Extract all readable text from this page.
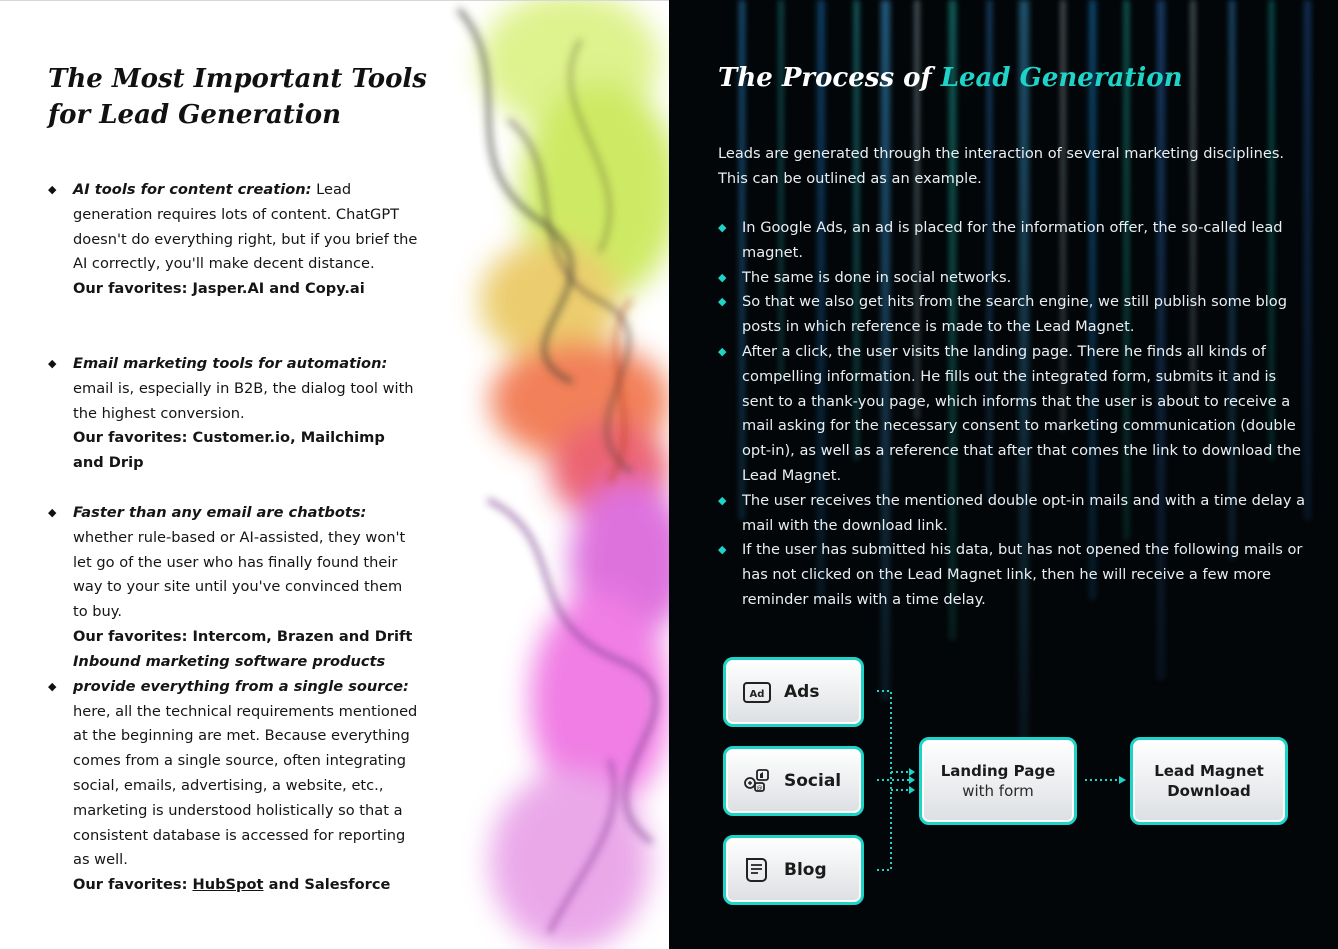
The Most Important Tools for Lead Generation
◆ AI tools for content creation: Lead generation requires lots of content. ChatGPT doesn't do everything right, but if you brief the AI correctly, you'll make decent distance.
Our favorites: Jasper.AI and Copy.ai
◆ Email marketing tools for automation: email is, especially in B2B, the dialog tool with the highest conversion.
Our favorites: Customer.io, Mailchimp and Drip
◆ Faster than any email are chatbots: whether rule-based or AI-assisted, they won't let go of the user who has finally found their way to your site until you've convinced them to buy.
Our favorites: Intercom, Brazen and Drift
◆
Inbound marketing software products provide everything from a single source: here, all the technical requirements mentioned at the beginning are met. Because everything comes from a single source, often integrating social, emails, advertising, a website, etc., marketing is understood holistically so that a consistent database is accessed for reporting as well.
Our favorites: HubSpot and Salesforce
The Process of Lead Generation

Leads are generated through the interaction of several marketing disciplines. This can be outlined as an example.

◆ In Google Ads, an ad is placed for the information offer, the so-called lead magnet.
◆ The same is done in social networks.
◆ So that we also get hits from the search engine, we still publish some blog posts in which reference is made to the Lead Magnet.
◆ After a click, the user visits the landing page. There he finds all kinds of compelling information. He fills out the integrated form, submits it and is sent to a thank-you page, which informs that the user is about to receive a mail asking for the necessary consent to marketing communication (double opt-in), as well as a reference that after that comes the link to download the Lead Magnet.
◆ The user receives the mentioned double opt-in mails and with a time delay a mail with the download link.
◆ If the user has submitted his data, but has not opened the following mails or has not clicked on the Lead Magnet link, then he will receive a few more reminder mails with a time delay.
Ad Ads
@ Social
Blog
Landing Page
with form
Lead Magnet
Download
